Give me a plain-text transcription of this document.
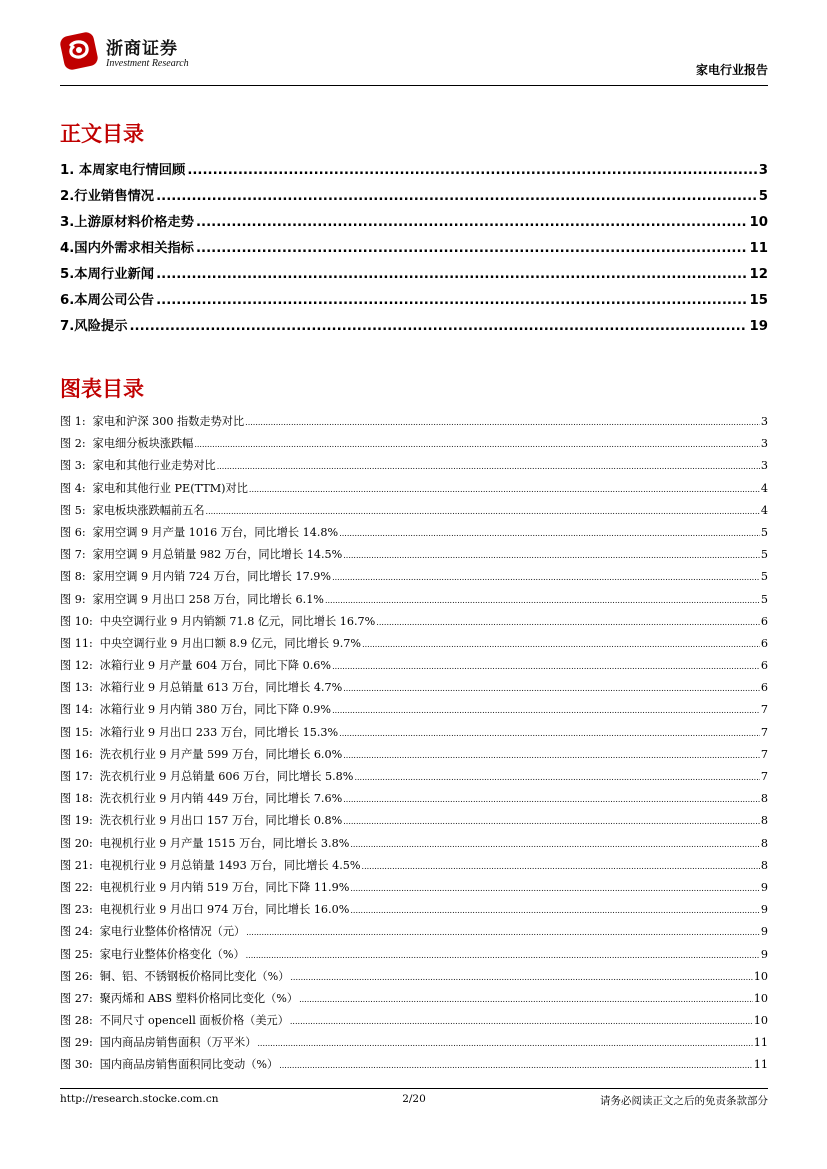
浙商证券
Investment Research	家电行业报告
正文目录
1. 本周家电行情回顾 .....	3
2.行业销售情况 .....	5
3.上游原材料价格走势 .....	10
4.国内外需求相关指标 .....	11
5.本周行业新闻 .....	12
6.本周公司公告 .....	15
7.风险提示 .....	19
图表目录
图 1: 家电和沪深 300 指数走势对比 .....	3
图 2: 家电细分板块涨跌幅 .....	3
图 3: 家电和其他行业走势对比 .....	3
图 4: 家电和其他行业 PE(TTM)对比 .....	4
图 5: 家电板块涨跌幅前五名 .....	4
图 6: 家用空调 9 月产量 1016 万台，同比增长 14.8% .....	5
图 7: 家用空调 9 月总销量 982 万台，同比增长 14.5% .....	5
图 8: 家用空调 9 月内销 724 万台，同比增长 17.9% .....	5
图 9: 家用空调 9 月出口 258 万台，同比增长 6.1% .....	5
图 10: 中央空调行业 9 月内销额 71.8 亿元，同比增长 16.7% .....	6
图 11: 中央空调行业 9 月出口额 8.9 亿元，同比增长 9.7% .....	6
图 12: 冰箱行业 9 月产量 604 万台，同比下降 0.6% .....	6
图 13: 冰箱行业 9 月总销量 613 万台，同比增长 4.7% .....	6
图 14: 冰箱行业 9 月内销 380 万台，同比下降 0.9% .....	7
图 15: 冰箱行业 9 月出口 233 万台，同比增长 15.3% .....	7
图 16: 洗衣机行业 9 月产量 599 万台，同比增长 6.0% .....	7
图 17: 洗衣机行业 9 月总销量 606 万台，同比增长 5.8% .....	7
图 18: 洗衣机行业 9 月内销 449 万台，同比增长 7.6% .....	8
图 19: 洗衣机行业 9 月出口 157 万台，同比增长 0.8% .....	8
图 20: 电视机行业 9 月产量 1515 万台，同比增长 3.8% .....	8
图 21: 电视机行业 9 月总销量 1493 万台，同比增长 4.5% .....	8
图 22: 电视机行业 9 月内销 519 万台，同比下降 11.9% .....	9
图 23: 电视机行业 9 月出口 974 万台，同比增长 16.0% .....	9
图 24: 家电行业整体价格情况（元） .....	9
图 25: 家电行业整体价格变化（%） .....	9
图 26: 铜、铝、不锈钢板价格同比变化（%） .....	10
图 27: 聚丙烯和 ABS 塑料价格同比变化（%） .....	10
图 28: 不同尺寸 opencell 面板价格（美元） .....	10
图 29: 国内商品房销售面积（万平米） .....	11
图 30: 国内商品房销售面积同比变动（%） .....	11
http://research.stocke.com.cn	2/20	请务必阅读正文之后的免责条款部分
